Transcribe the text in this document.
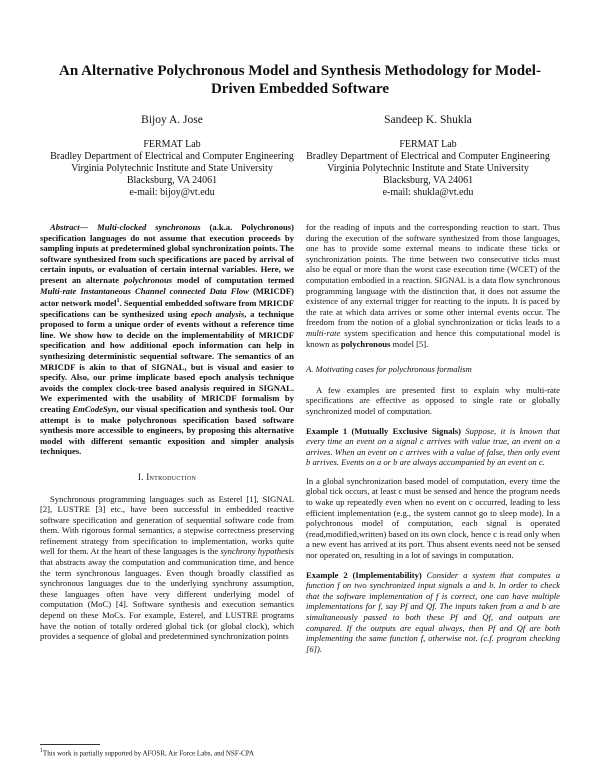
An Alternative Polychronous Model and Synthesis Methodology for Model-Driven Embedded Software
Bijoy A. Jose
FERMAT Lab
Bradley Department of Electrical and Computer Engineering
Virginia Polytechnic Institute and State University
Blacksburg, VA 24061
e-mail: bijoy@vt.edu
Sandeep K. Shukla
FERMAT Lab
Bradley Department of Electrical and Computer Engineering
Virginia Polytechnic Institute and State University
Blacksburg, VA 24061
e-mail: shukla@vt.edu

Abstract— Multi-clocked synchronous (a.k.a. Polychronous) specification languages do not assume that execution proceeds by sampling inputs at predetermined global synchronization points. The software synthesized from such specifications are paced by arrival of certain inputs, or evaluation of certain internal variables. Here, we present an alternate polychronous model of computation termed Multi-rate Instantaneous Channel connected Data Flow (MRICDF) actor network model$^1$. Sequential embedded software from MRICDF specifications can be synthesized using epoch analysis, a technique proposed to form a unique order of events without a reference time line. We show how to decide on the implementability of MRICDF specification and how additional epoch information can help in synthesizing deterministic sequential software. The semantics of an MRICDF is akin to that of SIGNAL, but is visual and easier to specify. Also, our prime implicate based epoch analysis technique avoids the complex clock-tree based analysis required in SIGNAL. We experimented with the usability of MRICDF formalism by creating EmCodeSyn, our visual specification and synthesis tool. Our attempt is to make polychronous specification based software synthesis more accessible to engineers, by proposing this alternative model with different semantic exposition and simpler analysis techniques.

I. Introduction

Synchronous programming languages such as Esterel [1], SIGNAL [2], LUSTRE [3] etc., have been successful in embedded reactive software specification and generation of sequential software code from them. With rigorous formal semantics, a stepwise correctness preserving refinement strategy from specification to implementation, works quite well for them. At the heart of these languages is the synchrony hypothesis that abstracts away the computation and communication time, and hence the term synchronous languages. Even though broadly classified as synchronous languages due to the underlying synchrony assumption, these languages often have very different underlying model of computation (MoC) [4]. Software synthesis and execution semantics depend on these MoCs. For example, Esterel, and LUSTRE programs have the notion of totally ordered global tick (or global clock), which provides a sequence of global and predetermined synchronization points

for the reading of inputs and the corresponding reaction to start. Thus during the execution of the software synthesized from those languages, one has to provide some external means to indicate these ticks or synchronization points. The time between two consecutive ticks must also be equal or more than the worst case execution time (WCET) of the computation embodied in a reaction. SIGNAL is a data flow synchronous programming language with the distinction that, it does not assume the existence of any external trigger for reacting to the inputs. It is paced by the rate at which data arrives or some other internal events occur. The freedom from the notion of a global synchronization or ticks leads to a multi-rate system specification and hence this computational model is known as polychronous model [5].

A. Motivating cases for polychronous formalism

A few examples are presented first to explain why multi-rate specifications are effective as opposed to single rate or globally synchronized model of computation.

Example 1 (Mutually Exclusive Signals) Suppose, it is known that every time an event on a signal c arrives with value true, an event on a arrives. When an event on c arrives with a value of false, then only event b arrives. Events on a or b are always accompanied by an event on c.

In a global synchronization based model of computation, every time the global tick occurs, at least c must be sensed and hence the program needs to wake up repeatedly even when no event on c occurred, leading to less efficient implementation (e.g., the system cannot go to sleep mode). In a polychronous model of computation, each signal is operated (read,modified,written) based on its own clock, hence c is read only when a new event has arrived at its port. Thus absent events need not be sensed nor operated on, resulting in a lot of savings in computation.

Example 2 (Implementability) Consider a system that computes a function f on two synchronized input signals a and b. In order to check that the software implementation of f is correct, one can have multiple implementations for f, say Pf and Qf. The inputs taken from a and b are simultaneously passed to both these Pf and Qf, and outputs are compared. If the outputs are equal always, then Pf and Qf are both implementing the same function f, otherwise not. (c.f. program checking [6]).

$^1$This work is partially supported by AFOSR, Air Force Labs, and NSF-CPA
